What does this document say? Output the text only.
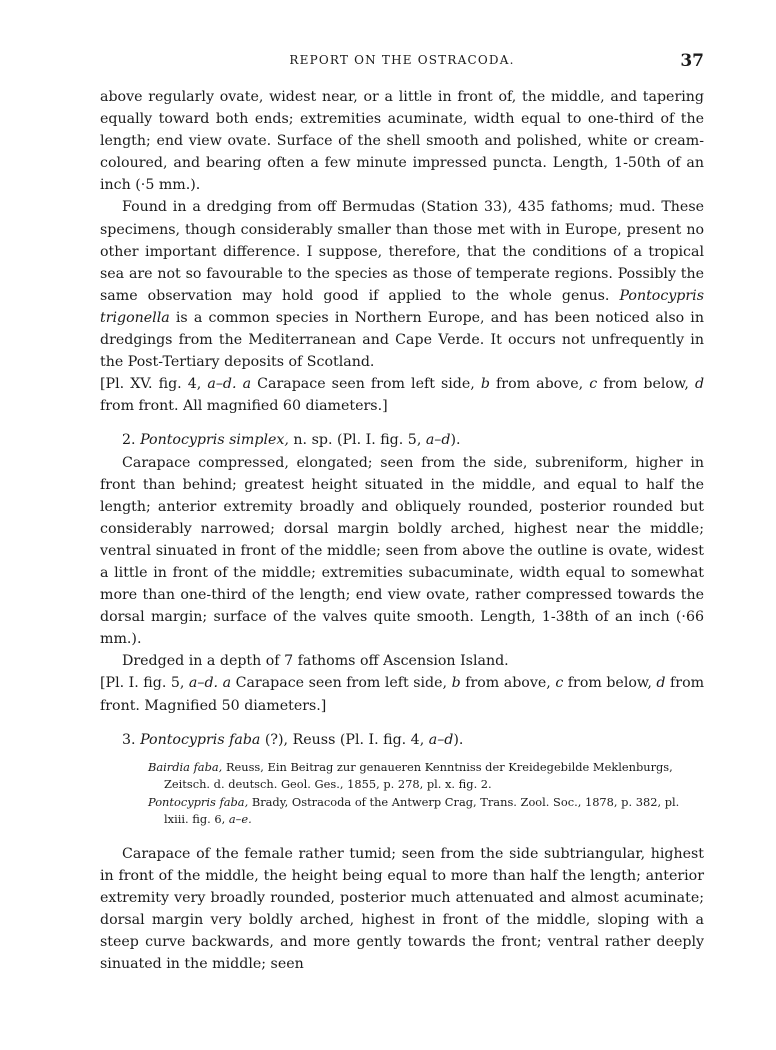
REPORT ON THE OSTRACODA.	37

above regularly ovate, widest near, or a little in front of, the middle, and tapering equally toward both ends; extremities acuminate, width equal to one-third of the length; end view ovate. Surface of the shell smooth and polished, white or cream-coloured, and bearing often a few minute impressed puncta. Length, 1-50th of an inch (·5 mm.).

Found in a dredging from off Bermudas (Station 33), 435 fathoms; mud. These specimens, though considerably smaller than those met with in Europe, present no other important difference. I suppose, therefore, that the conditions of a tropical sea are not so favourable to the species as those of temperate regions. Possibly the same observation may hold good if applied to the whole genus. Pontocypris trigonella is a common species in Northern Europe, and has been noticed also in dredgings from the Mediterranean and Cape Verde. It occurs not unfrequently in the Post-Tertiary deposits of Scotland.

[Pl. XV. fig. 4, a–d. a Carapace seen from left side, b from above, c from below, d from front. All magnified 60 diameters.]

2. Pontocypris simplex, n. sp. (Pl. I. fig. 5, a–d).

Carapace compressed, elongated; seen from the side, subreniform, higher in front than behind; greatest height situated in the middle, and equal to half the length; anterior extremity broadly and obliquely rounded, posterior rounded but considerably narrowed; dorsal margin boldly arched, highest near the middle; ventral sinuated in front of the middle; seen from above the outline is ovate, widest a little in front of the middle; extremities subacuminate, width equal to somewhat more than one-third of the length; end view ovate, rather compressed towards the dorsal margin; surface of the valves quite smooth. Length, 1-38th of an inch (·66 mm.).

Dredged in a depth of 7 fathoms off Ascension Island.

[Pl. I. fig. 5, a–d. a Carapace seen from left side, b from above, c from below, d from front. Magnified 50 diameters.]

3. Pontocypris faba (?), Reuss (Pl. I. fig. 4, a–d).

Bairdia faba, Reuss, Ein Beitrag zur genaueren Kenntniss der Kreidegebilde Meklenburgs, Zeitsch. d. deutsch. Geol. Ges., 1855, p. 278, pl. x. fig. 2.

Pontocypris faba, Brady, Ostracoda of the Antwerp Crag, Trans. Zool. Soc., 1878, p. 382, pl. lxiii. fig. 6, a–e.

Carapace of the female rather tumid; seen from the side subtriangular, highest in front of the middle, the height being equal to more than half the length; anterior extremity very broadly rounded, posterior much attenuated and almost acuminate; dorsal margin very boldly arched, highest in front of the middle, sloping with a steep curve backwards, and more gently towards the front; ventral rather deeply sinuated in the middle; seen
